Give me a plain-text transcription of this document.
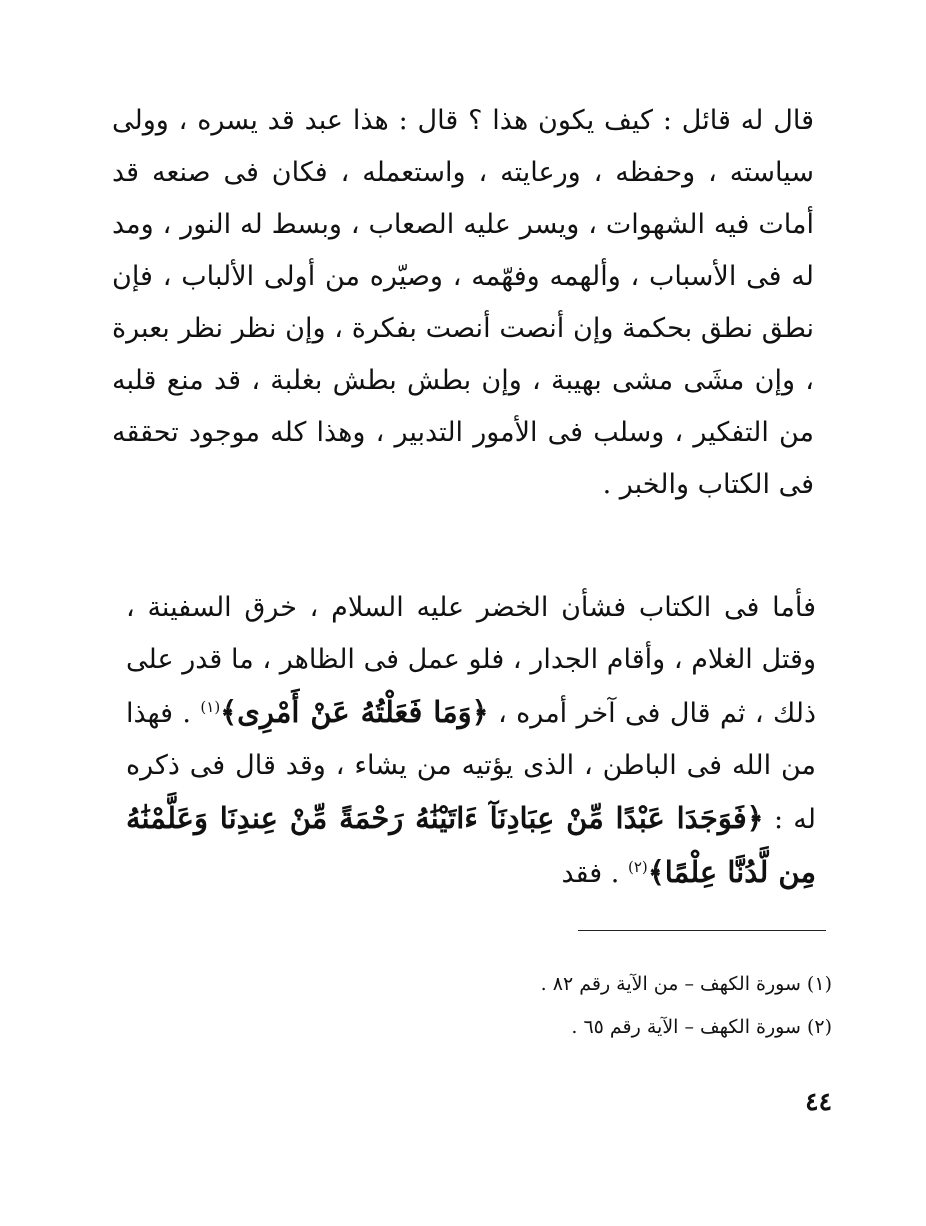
قال له قائل : كيف يكون هذا ؟ قال : هذا عبد قد يسره ، وولى سياسته ، وحفظه ، ورعايته ، واستعمله ، فكان فى صنعه قد أمات فيه الشهوات ، ويسر عليه الصعاب ، وبسط له النور ، ومد له فى الأسباب ، وألهمه وفهّمه ، وصيّره من أولى الألباب ، فإن نطق نطق بحكمة وإن أنصت أنصت بفكرة ، وإن نظر نظر بعبرة ، وإن مشَى مشى بهيبة ، وإن بطش بطش بغلبة ، قد منع قلبه من التفكير ، وسلب فى الأمور التدبير ، وهذا كله موجود تحققه فى الكتاب والخبر .

فأما فى الكتاب فشأن الخضر عليه السلام ، خرق السفينة ، وقتل الغلام ، وأقام الجدار ، فلو عمل فى الظاهر ، ما قدر على ذلك ، ثم قال فى آخر أمره ، ﴿وَمَا فَعَلْتُهُ عَنْ أَمْرِى﴾$^{(١)}$ . فهذا من الله فى الباطن ، الذى يؤتيه من يشاء ، وقد قال فى ذكره له : ﴿فَوَجَدَا عَبْدًا مِّنْ عِبَادِنَآ ءَاتَيْنَٰهُ رَحْمَةً مِّنْ عِندِنَا وَعَلَّمْنَٰهُ مِن لَّدُنَّا عِلْمًا﴾$^{(٢)}$ . فقد

(١) سورة الكهف – من الآية رقم ٨٢ .
(٢) سورة الكهف – الآية رقم ٦٥ .
٤٤
